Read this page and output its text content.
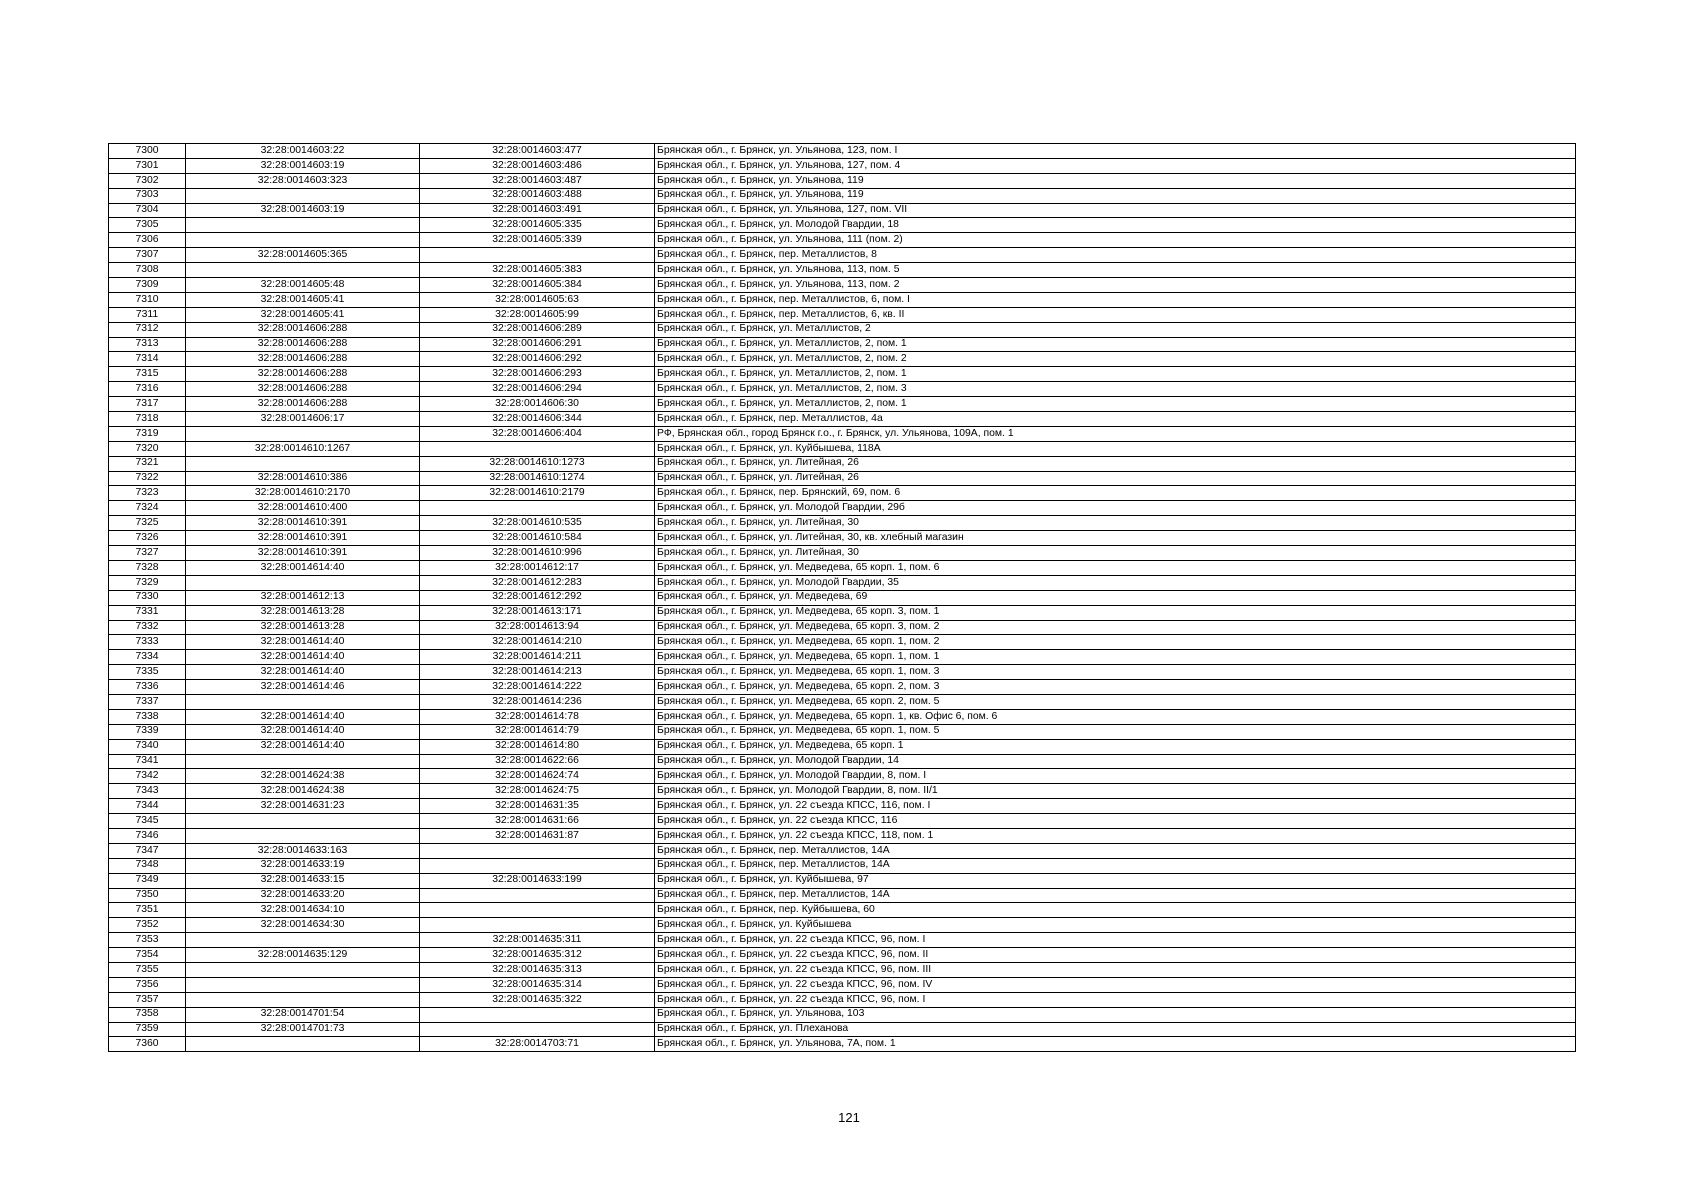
7300	32:28:0014603:22	32:28:0014603:477	Брянская обл., г. Брянск, ул. Ульянова, 123, пом. I
7301	32:28:0014603:19	32:28:0014603:486	Брянская обл., г. Брянск, ул. Ульянова, 127, пом. 4
7302	32:28:0014603:323	32:28:0014603:487	Брянская обл., г. Брянск, ул. Ульянова, 119
7303		32:28:0014603:488	Брянская обл., г. Брянск, ул. Ульянова, 119
7304	32:28:0014603:19	32:28:0014603:491	Брянская обл., г. Брянск, ул. Ульянова, 127, пом. VII
7305		32:28:0014605:335	Брянская обл., г. Брянск, ул. Молодой Гвардии, 18
7306		32:28:0014605:339	Брянская обл., г. Брянск, ул. Ульянова, 111 (пом. 2)
7307	32:28:0014605:365		Брянская обл., г. Брянск, пер. Металлистов, 8
7308		32:28:0014605:383	Брянская обл., г. Брянск, ул. Ульянова, 113, пом. 5
7309	32:28:0014605:48	32:28:0014605:384	Брянская обл., г. Брянск, ул. Ульянова, 113, пом. 2
7310	32:28:0014605:41	32:28:0014605:63	Брянская обл., г. Брянск, пер. Металлистов, 6, пом. I
7311	32:28:0014605:41	32:28:0014605:99	Брянская обл., г. Брянск, пер. Металлистов, 6, кв. II
7312	32:28:0014606:288	32:28:0014606:289	Брянская обл., г. Брянск, ул. Металлистов, 2
7313	32:28:0014606:288	32:28:0014606:291	Брянская обл., г. Брянск, ул. Металлистов, 2, пом. 1
7314	32:28:0014606:288	32:28:0014606:292	Брянская обл., г. Брянск, ул. Металлистов, 2, пом. 2
7315	32:28:0014606:288	32:28:0014606:293	Брянская обл., г. Брянск, ул. Металлистов, 2, пом. 1
7316	32:28:0014606:288	32:28:0014606:294	Брянская обл., г. Брянск, ул. Металлистов, 2, пом. 3
7317	32:28:0014606:288	32:28:0014606:30	Брянская обл., г. Брянск, ул. Металлистов, 2, пом. 1
7318	32:28:0014606:17	32:28:0014606:344	Брянская обл., г. Брянск, пер. Металлистов, 4а
7319		32:28:0014606:404	РФ, Брянская обл., город Брянск г.о., г. Брянск, ул. Ульянова, 109А, пом. 1
7320	32:28:0014610:1267		Брянская обл., г. Брянск, ул. Куйбышева, 118А
7321		32:28:0014610:1273	Брянская обл., г. Брянск, ул. Литейная, 26
7322	32:28:0014610:386	32:28:0014610:1274	Брянская обл., г. Брянск, ул. Литейная, 26
7323	32:28:0014610:2170	32:28:0014610:2179	Брянская обл., г. Брянск, пер. Брянский, 69, пом. 6
7324	32:28:0014610:400		Брянская обл., г. Брянск, ул. Молодой Гвардии, 29б
7325	32:28:0014610:391	32:28:0014610:535	Брянская обл., г. Брянск, ул. Литейная, 30
7326	32:28:0014610:391	32:28:0014610:584	Брянская обл., г. Брянск, ул. Литейная, 30, кв. хлебный магазин
7327	32:28:0014610:391	32:28:0014610:996	Брянская обл., г. Брянск, ул. Литейная, 30
7328	32:28:0014614:40	32:28:0014612:17	Брянская обл., г. Брянск, ул. Медведева, 65 корп. 1, пом. 6
7329		32:28:0014612:283	Брянская обл., г. Брянск, ул. Молодой Гвардии, 35
7330	32:28:0014612:13	32:28:0014612:292	Брянская обл., г. Брянск, ул. Медведева, 69
7331	32:28:0014613:28	32:28:0014613:171	Брянская обл., г. Брянск, ул. Медведева, 65 корп. 3, пом. 1
7332	32:28:0014613:28	32:28:0014613:94	Брянская обл., г. Брянск, ул. Медведева, 65 корп. 3, пом. 2
7333	32:28:0014614:40	32:28:0014614:210	Брянская обл., г. Брянск, ул. Медведева, 65 корп. 1, пом. 2
7334	32:28:0014614:40	32:28:0014614:211	Брянская обл., г. Брянск, ул. Медведева, 65 корп. 1, пом. 1
7335	32:28:0014614:40	32:28:0014614:213	Брянская обл., г. Брянск, ул. Медведева, 65 корп. 1, пом. 3
7336	32:28:0014614:46	32:28:0014614:222	Брянская обл., г. Брянск, ул. Медведева, 65 корп. 2, пом. 3
7337		32:28:0014614:236	Брянская обл., г. Брянск, ул. Медведева, 65 корп. 2, пом. 5
7338	32:28:0014614:40	32:28:0014614:78	Брянская обл., г. Брянск, ул. Медведева, 65 корп. 1, кв. Офис 6, пом. 6
7339	32:28:0014614:40	32:28:0014614:79	Брянская обл., г. Брянск, ул. Медведева, 65 корп. 1, пом. 5
7340	32:28:0014614:40	32:28:0014614:80	Брянская обл., г. Брянск, ул. Медведева, 65 корп. 1
7341		32:28:0014622:66	Брянская обл., г. Брянск, ул. Молодой Гвардии, 14
7342	32:28:0014624:38	32:28:0014624:74	Брянская обл., г. Брянск, ул. Молодой Гвардии, 8, пом. I
7343	32:28:0014624:38	32:28:0014624:75	Брянская обл., г. Брянск, ул. Молодой Гвардии, 8, пом. II/1
7344	32:28:0014631:23	32:28:0014631:35	Брянская обл., г. Брянск, ул. 22 съезда КПСС, 116, пом. I
7345		32:28:0014631:66	Брянская обл., г. Брянск, ул. 22 съезда КПСС, 116
7346		32:28:0014631:87	Брянская обл., г. Брянск, ул. 22 съезда КПСС, 118, пом. 1
7347	32:28:0014633:163		Брянская обл., г. Брянск, пер. Металлистов, 14А
7348	32:28:0014633:19		Брянская обл., г. Брянск, пер. Металлистов, 14А
7349	32:28:0014633:15	32:28:0014633:199	Брянская обл., г. Брянск, ул. Куйбышева, 97
7350	32:28:0014633:20		Брянская обл., г. Брянск, пер. Металлистов, 14А
7351	32:28:0014634:10		Брянская обл., г. Брянск, пер. Куйбышева, 60
7352	32:28:0014634:30		Брянская обл., г. Брянск, ул. Куйбышева
7353		32:28:0014635:311	Брянская обл., г. Брянск, ул. 22 съезда КПСС, 96, пом. I
7354	32:28:0014635:129	32:28:0014635:312	Брянская обл., г. Брянск, ул. 22 съезда КПСС, 96, пом. II
7355		32:28:0014635:313	Брянская обл., г. Брянск, ул. 22 съезда КПСС, 96, пом. III
7356		32:28:0014635:314	Брянская обл., г. Брянск, ул. 22 съезда КПСС, 96, пом. IV
7357		32:28:0014635:322	Брянская обл., г. Брянск, ул. 22 съезда КПСС, 96, пом. I
7358	32:28:0014701:54		Брянская обл., г. Брянск, ул. Ульянова, 103
7359	32:28:0014701:73		Брянская обл., г. Брянск, ул. Плеханова
7360		32:28:0014703:71	Брянская обл., г. Брянск, ул. Ульянова, 7А, пом. 1
121
